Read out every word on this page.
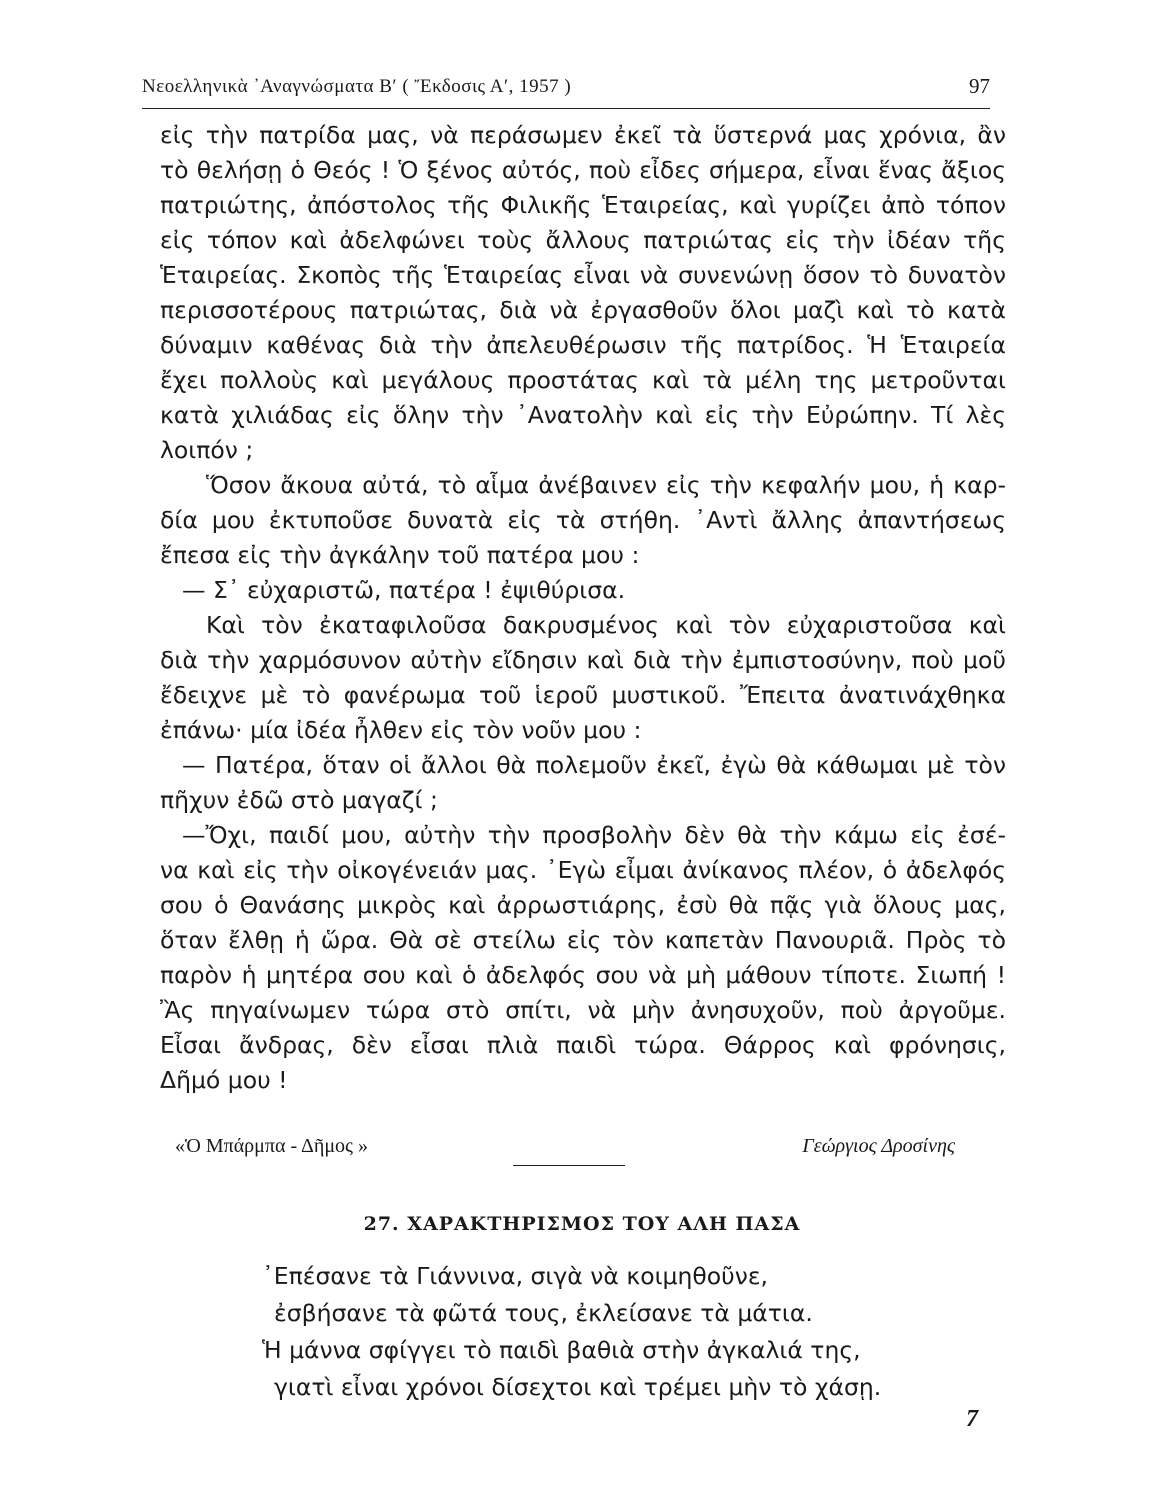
Νεοελληνικὰ ᾿Αναγνώσματα Β′ ( Ἔκδοσις Α′, 1957 )	97
εἰς τὴν πατρίδα μας, νὰ περάσωμεν ἐκεῖ τὰ ὕστερνά μας χρόνια, ἂν
τὸ θελήσῃ ὁ Θεός ! Ὁ ξένος αὐτός, ποὺ εἶδες σήμερα, εἶναι ἕνας ἄξιος
πατριώτης, ἀπόστολος τῆς Φιλικῆς Ἑταιρείας, καὶ γυρίζει ἀπὸ τόπον
εἰς τόπον καὶ ἀδελφώνει τοὺς ἄλλους πατριώτας εἰς τὴν ἰδέαν τῆς
Ἑταιρείας. Σκοπὸς τῆς Ἑταιρείας εἶναι νὰ συνενώνῃ ὅσον τὸ δυνατὸν
περισσοτέρους πατριώτας, διὰ νὰ ἐργασθοῦν ὅλοι μαζὶ καὶ τὸ κατὰ
δύναμιν καθένας διὰ τὴν ἀπελευθέρωσιν τῆς πατρίδος. Ἡ Ἑταιρεία
ἔχει πολλοὺς καὶ μεγάλους προστάτας καὶ τὰ μέλη της μετροῦνται
κατὰ χιλιάδας εἰς ὅλην τὴν ᾿Ανατολὴν καὶ εἰς τὴν Εὐρώπην. Τί λὲς
λοιπόν ;
Ὅσον ἄκουα αὐτά, τὸ αἷμα ἀνέβαινεν εἰς τὴν κεφαλήν μου, ἡ καρ-
δία μου ἐκτυποῦσε δυνατὰ εἰς τὰ στήθη. ᾿Αντὶ ἄλλης ἀπαντήσεως
ἔπεσα εἰς τὴν ἀγκάλην τοῦ πατέρα μου :
— Σ᾿ εὐχαριστῶ, πατέρα ! ἐψιθύρισα.
Καὶ τὸν ἐκαταφιλοῦσα δακρυσμένος καὶ τὸν εὐχαριστοῦσα καὶ
διὰ τὴν χαρμόσυνον αὐτὴν εἴδησιν καὶ διὰ τὴν ἐμπιστοσύνην, ποὺ μοῦ
ἔδειχνε μὲ τὸ φανέρωμα τοῦ ἱεροῦ μυστικοῦ. Ἔπειτα ἀνατινάχθηκα
ἐπάνω· μία ἰδέα ἦλθεν εἰς τὸν νοῦν μου :
— Πατέρα, ὅταν οἱ ἄλλοι θὰ πολεμοῦν ἐκεῖ, ἐγὼ θὰ κάθωμαι μὲ τὸν
πῆχυν ἐδῶ στὸ μαγαζί ;
—Ὄχι, παιδί μου, αὐτὴν τὴν προσβολὴν δὲν θὰ τὴν κάμω εἰς ἐσέ-
να καὶ εἰς τὴν οἰκογένειάν μας. ᾿Εγὼ εἶμαι ἀνίκανος πλέον, ὁ ἀδελφός
σου ὁ Θανάσης μικρὸς καὶ ἀρρωστιάρης, ἐσὺ θὰ πᾷς γιὰ ὅλους μας,
ὅταν ἔλθῃ ἡ ὥρα. Θὰ σὲ στείλω εἰς τὸν καπετὰν Πανουριᾶ. Πρὸς τὸ
παρὸν ἡ μητέρα σου καὶ ὁ ἀδελφός σου νὰ μὴ μάθουν τίποτε. Σιωπή !
Ἂς πηγαίνωμεν τώρα στὸ σπίτι, νὰ μὴν ἀνησυχοῦν, ποὺ ἀργοῦμε.
Εἶσαι ἄνδρας, δὲν εἶσαι πλιὰ παιδὶ τώρα. Θάρρος καὶ φρόνησις,
Δῆμό μου !
«Ὁ Μπάρμπα - Δῆμος »	Γεώργιος Δροσίνης
27. ΧΑΡΑΚΤΗΡΙΣΜΟΣ ΤΟΥ ΑΛΗ ΠΑΣΑ
᾿Επέσανε τὰ Γιάννινα, σιγὰ νὰ κοιμηθοῦνε,
ἐσβήσανε τὰ φῶτά τους, ἐκλείσανε τὰ μάτια.
Ἡ μάννα σφίγγει τὸ παιδὶ βαθιὰ στὴν ἀγκαλιά της,
γιατὶ εἶναι χρόνοι δίσεχτοι καὶ τρέμει μὴν τὸ χάσῃ.
7
